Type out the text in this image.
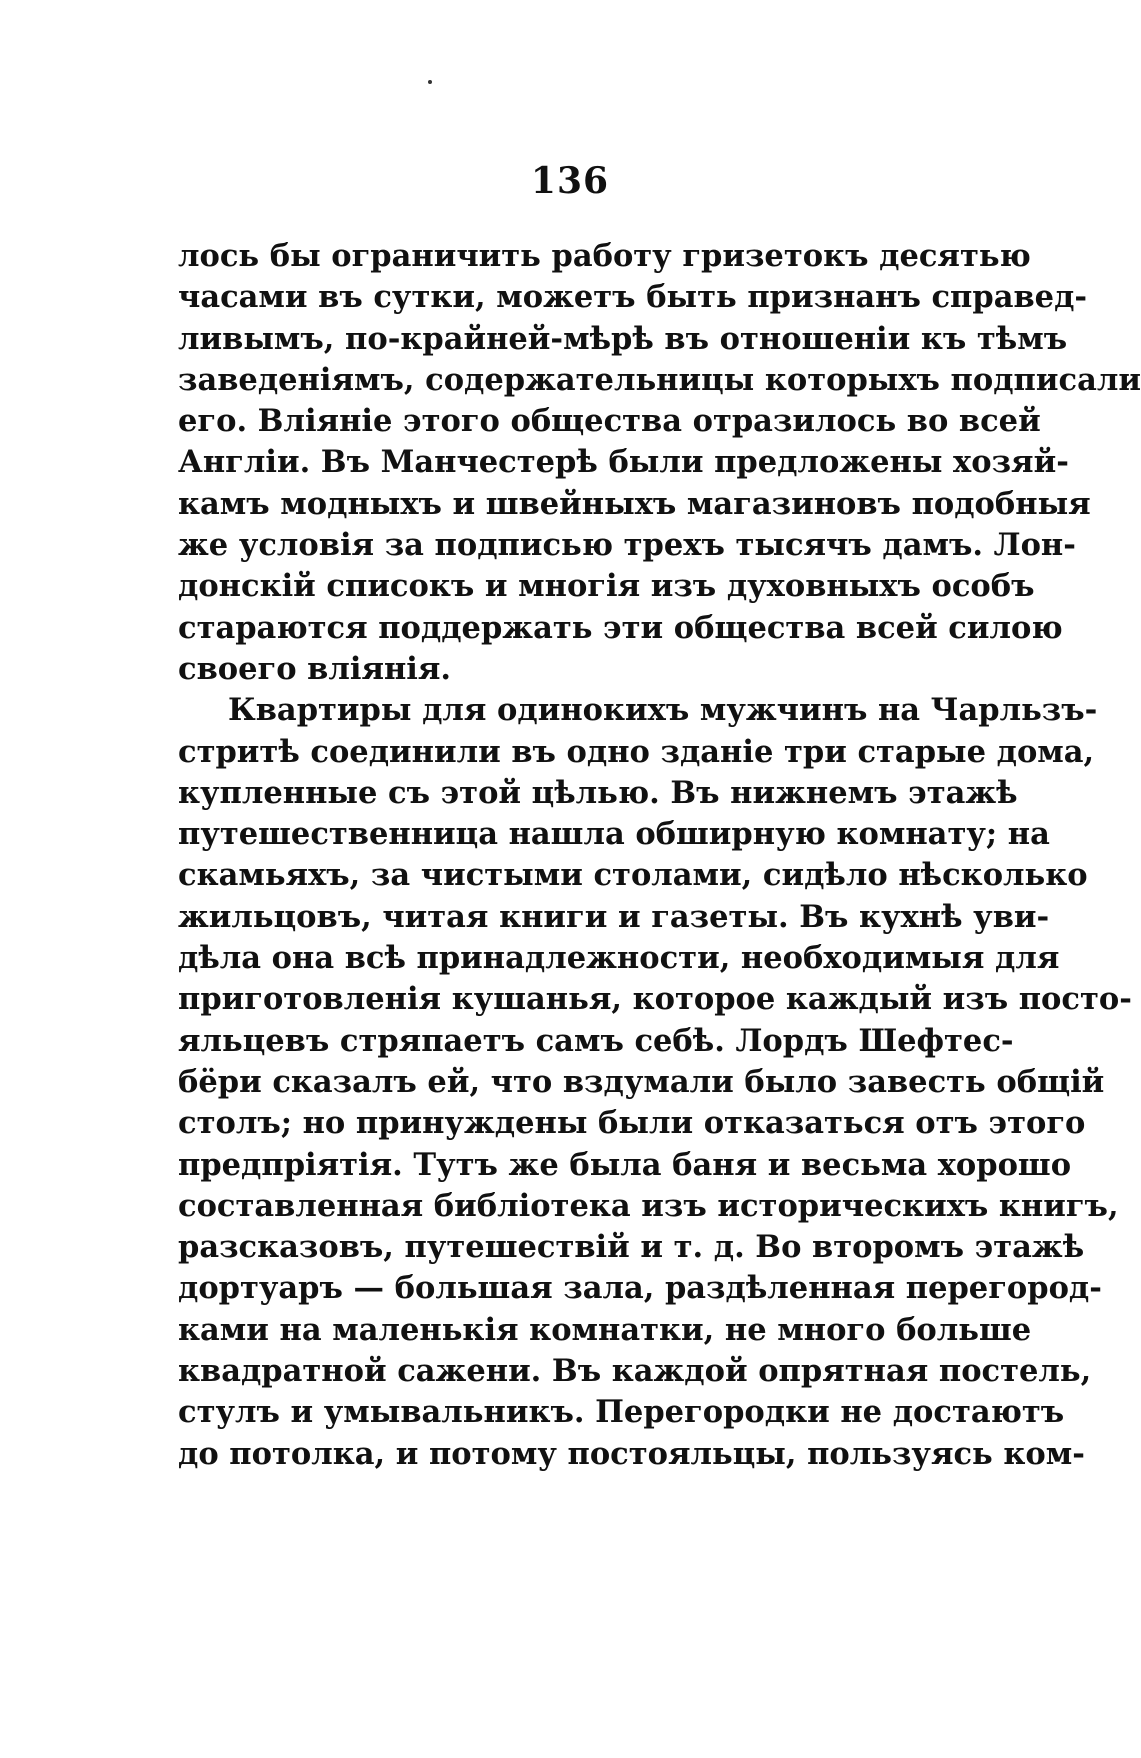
136
лось бы ограничить работу гризетокъ десятью
часами въ сутки, можетъ быть признанъ справед-
ливымъ, по-крайней-мѣрѣ въ отношеніи къ тѣмъ
заведеніямъ, содержательницы которыхъ подписали
его. Вліяніе этого общества отразилось во всей
Англіи. Въ Манчестерѣ были предложены хозяй-
камъ модныхъ и швейныхъ магазиновъ подобныя
же условія за подписью трехъ тысячъ дамъ. Лон-
донскій списокъ и многія изъ духовныхъ особъ
стараются поддержать эти общества всей силою
своего вліянія.
Квартиры для одинокихъ мужчинъ на Чарльзъ-
стритѣ соединили въ одно зданіе три старые дома,
купленные съ этой цѣлью. Въ нижнемъ этажѣ
путешественница нашла обширную комнату; на
скамьяхъ, за чистыми столами, сидѣло нѣсколько
жильцовъ, читая книги и газеты. Въ кухнѣ уви-
дѣла она всѣ принадлежности, необходимыя для
приготовленія кушанья, которое каждый изъ посто-
яльцевъ стряпаетъ самъ себѣ. Лордъ Шефтес-
бёри сказалъ ей, что вздумали было завесть общій
столъ; но принуждены были отказаться отъ этого
предпріятія. Тутъ же была баня и весьма хорошо
составленная библіотека изъ историческихъ книгъ,
разсказовъ, путешествій и т. д. Во второмъ этажѣ
дортуаръ — большая зала, раздѣленная перегород-
ками на маленькія комнатки, не много больше
квадратной сажени. Въ каждой опрятная постель,
стулъ и умывальникъ. Перегородки не достаютъ
до потолка, и потому постояльцы, пользуясь ком-
